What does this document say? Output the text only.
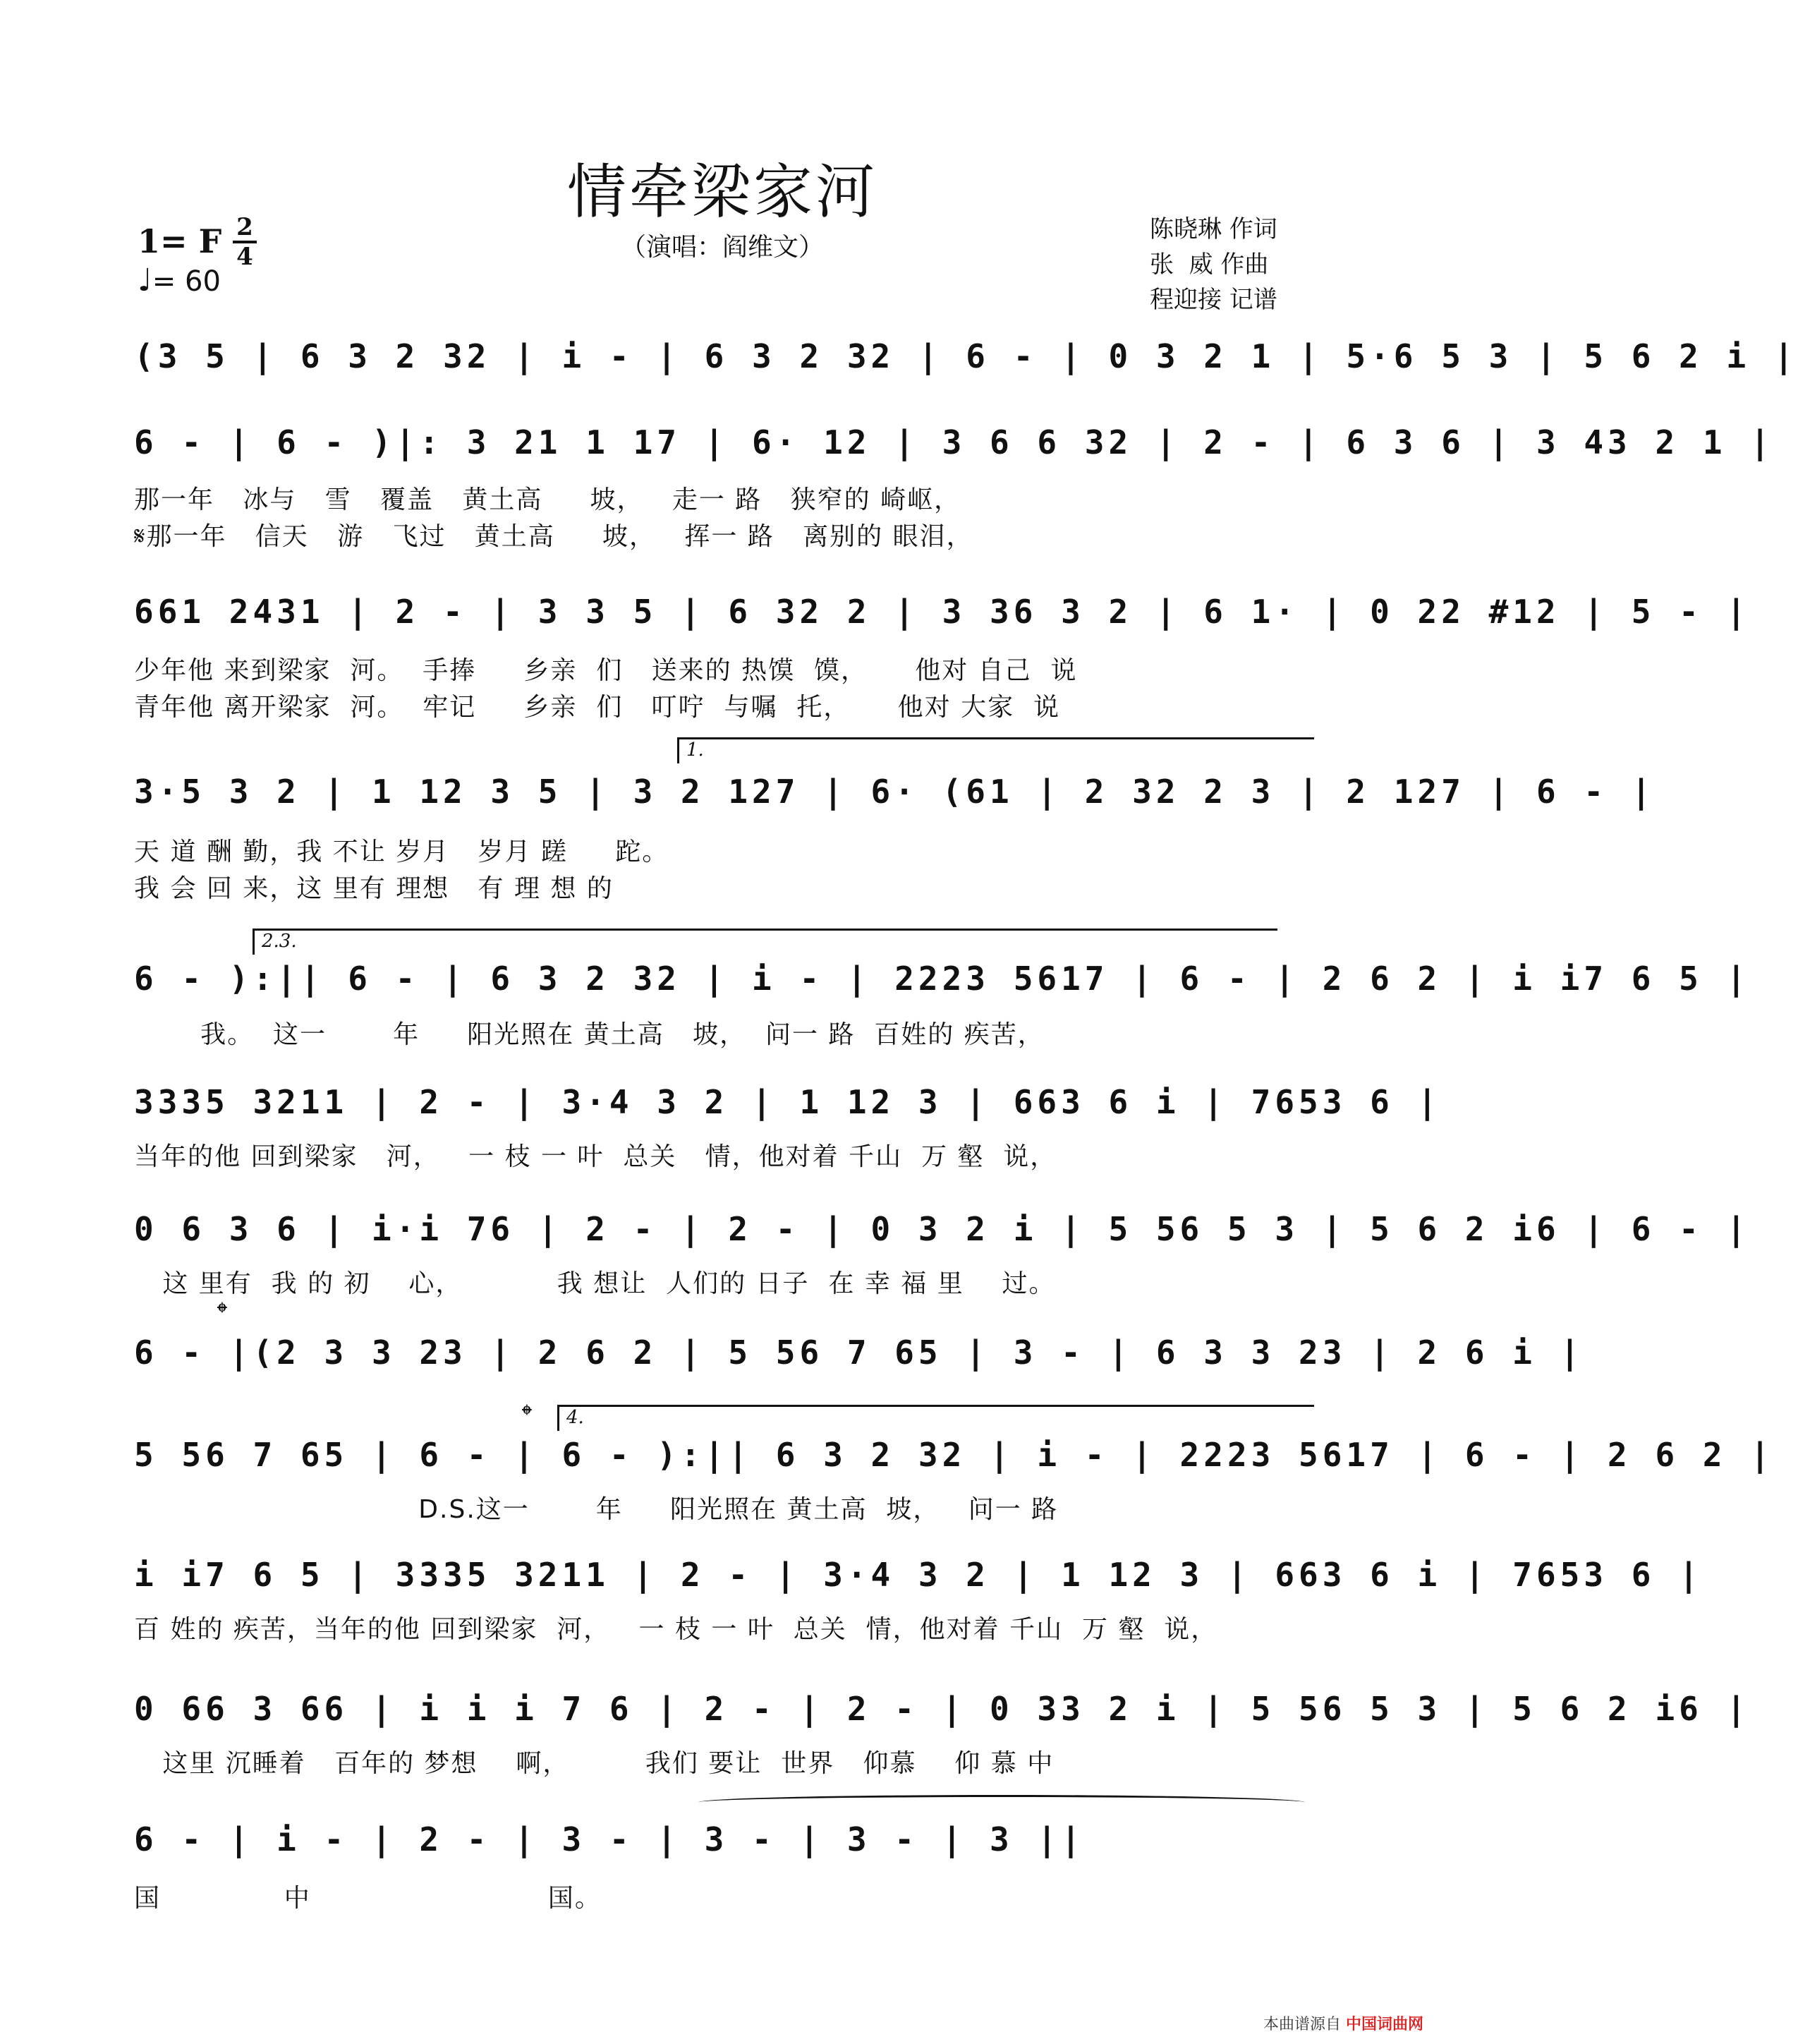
情牵梁家河
（演唱：阎维文）
1= F 2
4
♩= 60
陈晓琳 作词
张  威 作曲
程迎接 记谱
(3 5 | 6 3 2 32 | i - | 6 3 2 32 | 6 - | 0 3 2 1 | 5·6 5 3 | 5 6 2 i |
6 - | 6 - )|: 3 21 1 17 | 6· 12 | 3 6 6 32 | 2 - | 6 3 6 | 3 43 2 1 |
那一年   冰与   雪   覆盖   黄土高     坡，   走一 路   狭窄的 崎岖，
𝄋那一年   信天   游   飞过   黄土高     坡，   挥一 路   离别的 眼泪，
661 2431 | 2 - | 3 3 5 | 6 32 2 | 3 36 3 2 | 6 1· | 0 22 #12 | 5 - |
少年他 来到梁家  河。  手捧     乡亲  们   送来的 热馍  馍，     他对 自己  说
青年他 离开梁家  河。  牢记     乡亲  们   叮咛  与嘱  托，     他对 大家  说
1.
3·5 3 2 | 1 12 3 5 | 3 2 127 | 6· (61 | 2 32 2 3 | 2 127 | 6 - |
天 道 酬 勤，我 不让 岁月   岁月 蹉     跎。
我 会 回 来，这 里有 理想   有 理 想 的
2.3.
6 - ):|| 6 - | 6 3 2 32 | i - | 2223 5617 | 6 - | 2 6 2 | i i7 6 5 |
我。  这一       年     阳光照在 黄土高   坡，  问一 路  百姓的 疾苦，
3335 3211 | 2 - | 3·4 3 2 | 1 12 3 | 663 6 i | 7653 6 |
当年的他 回到梁家   河，   一 枝 一 叶  总关   情，他对着 千山  万 壑  说，
0 6 3 6 | i·i 76 | 2 - | 2 - | 0 3 2 i | 5 56 5 3 | 5 6 2 i6 | 6 - |
这 里有  我 的 初    心，          我 想让  人们的 日子  在 幸 福 里    过。
𝄌
6 - |(2 3 3 23 | 2 6 2 | 5 56 7 65 | 3 - | 6 3 3 23 | 2 6 i |
𝄌	4.
5 56 7 65 | 6 - | 6 - ):|| 6 3 2 32 | i - | 2223 5617 | 6 - | 2 6 2 |
D.S.这一       年     阳光照在 黄土高  坡，   问一 路
i i7 6 5 | 3335 3211 | 2 - | 3·4 3 2 | 1 12 3 | 663 6 i | 7653 6 |
百 姓的 疾苦，当年的他 回到梁家  河，   一 枝 一 叶  总关  情，他对着 千山  万 壑  说，
0 66 3 66 | i i i 7 6 | 2 - | 2 - | 0 33 2 i | 5 56 5 3 | 5 6 2 i6 |
这里 沉睡着   百年的 梦想    啊，        我们 要让  世界   仰慕    仰 慕 中
6 - | i - | 2 - | 3 - | 3 - | 3 - | 3 ||
国             中                         国。
本曲谱源自 中国词曲网
